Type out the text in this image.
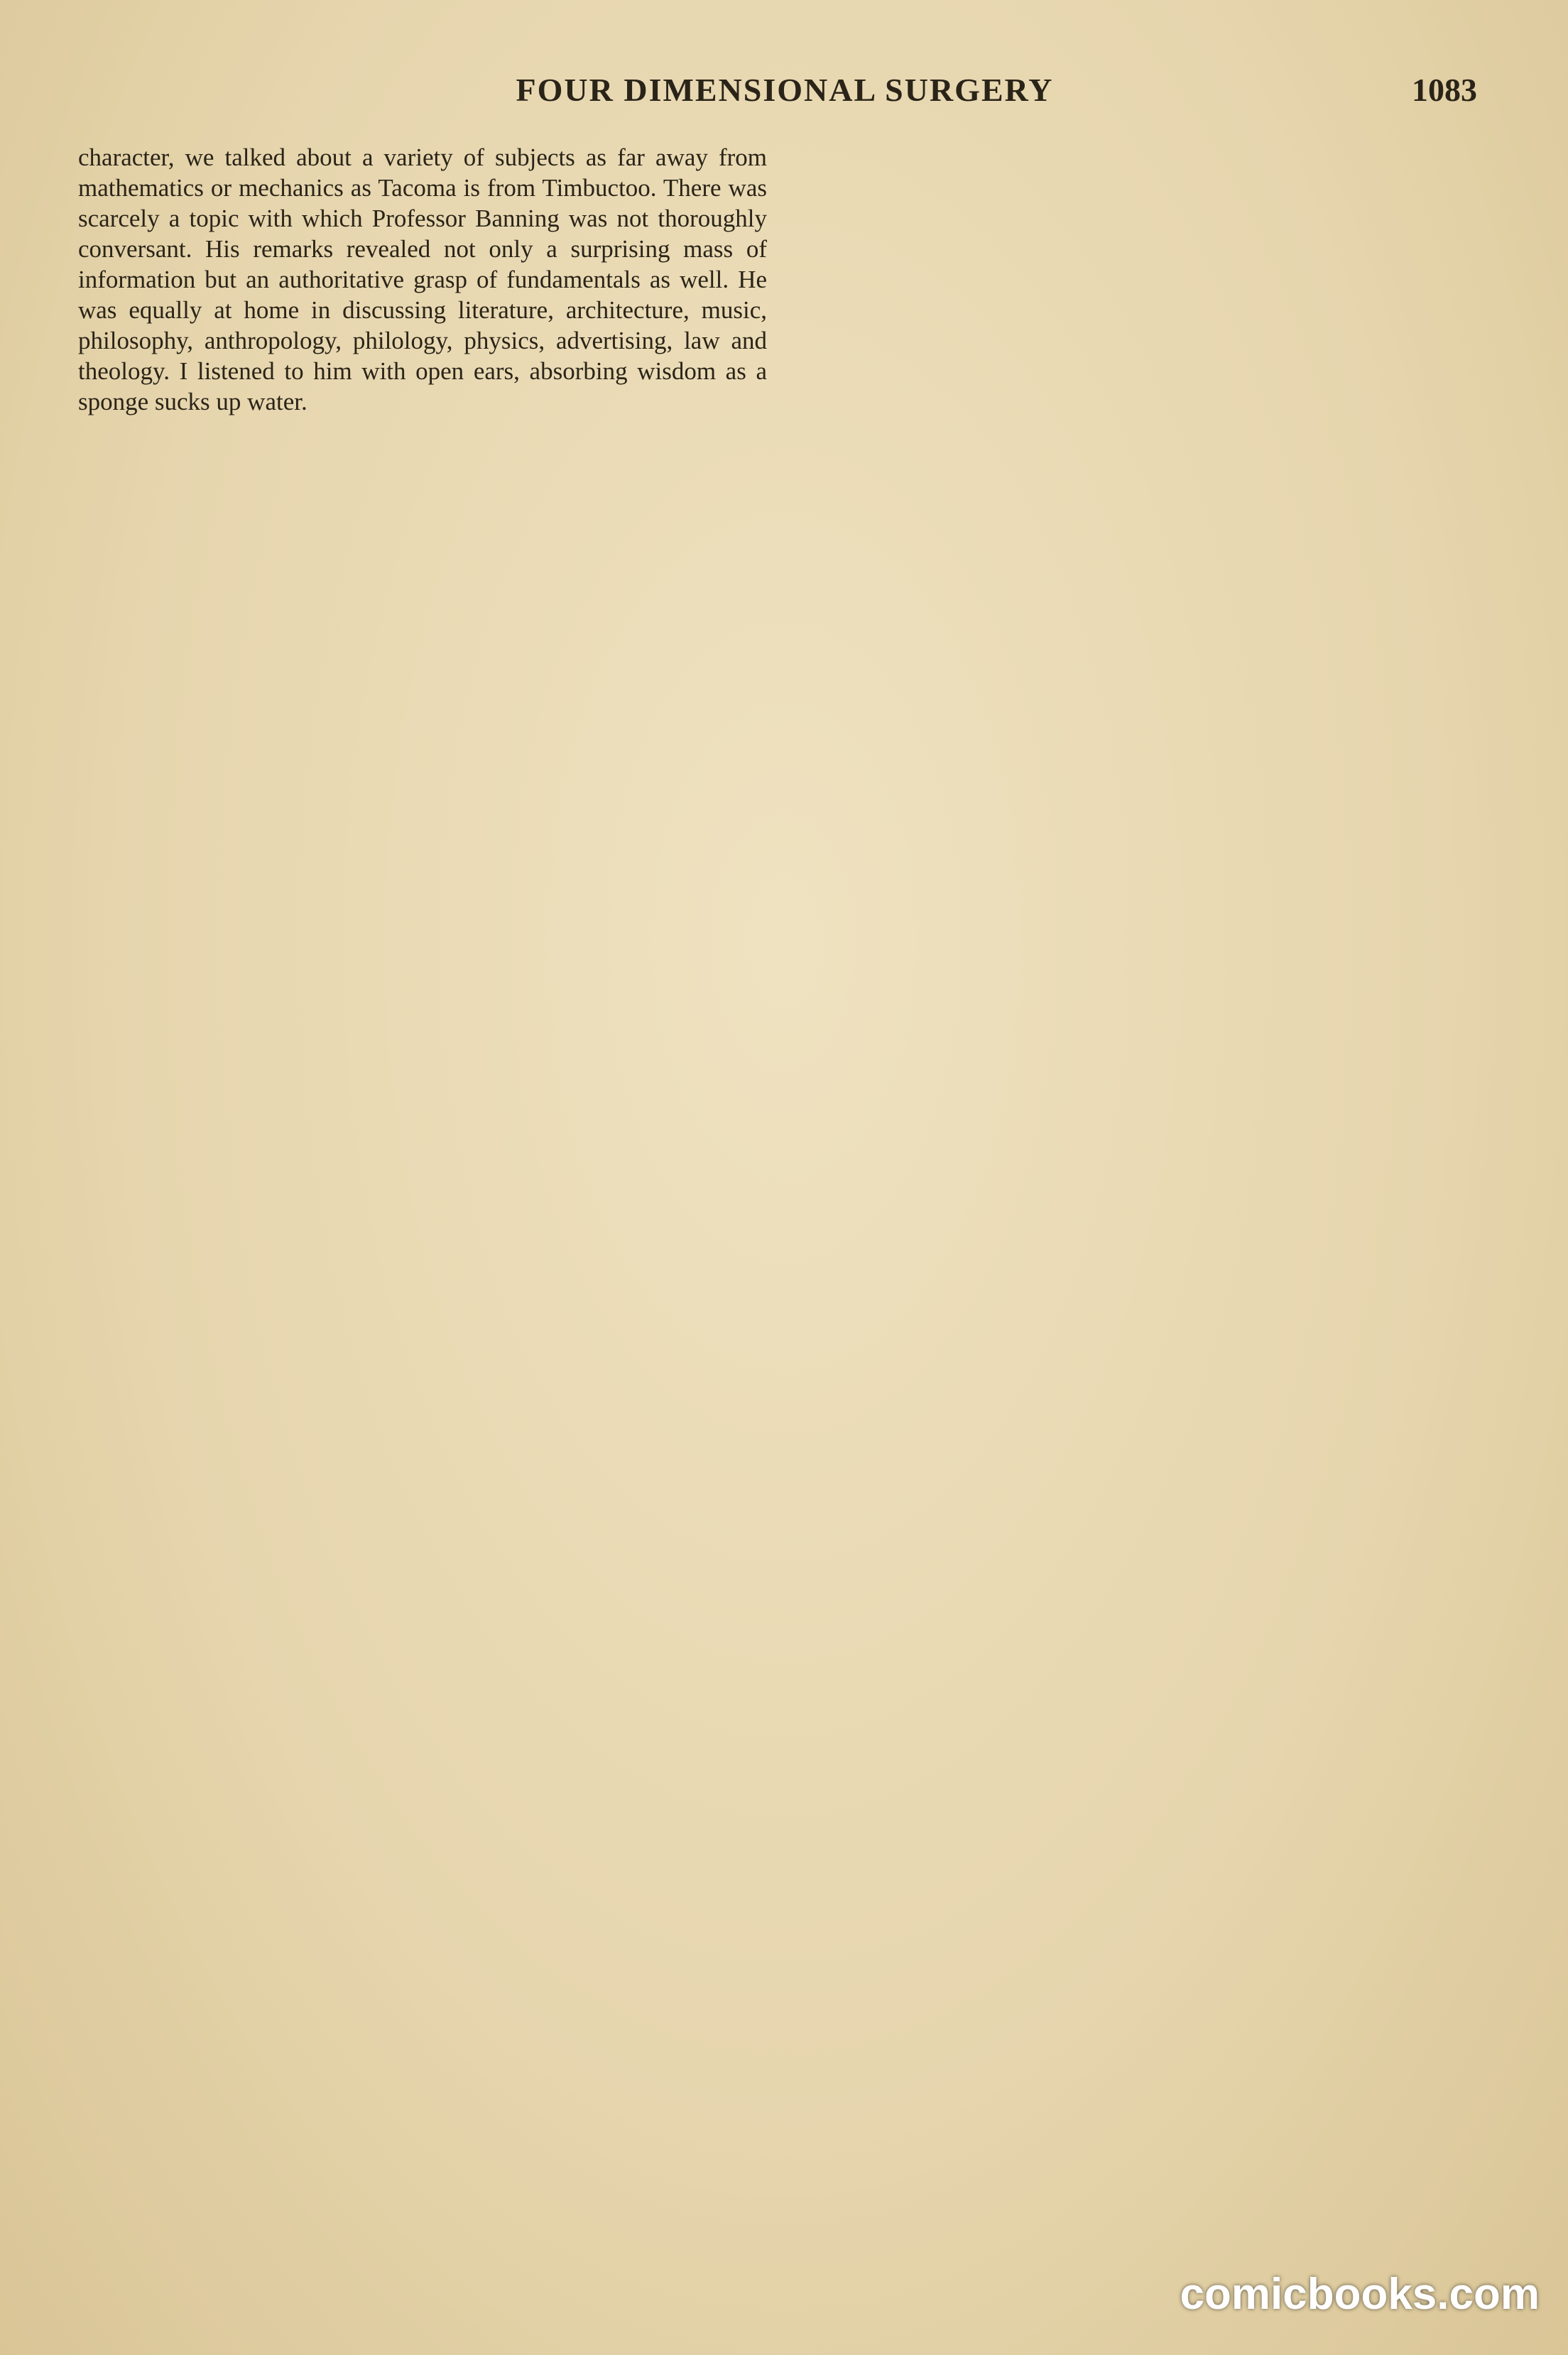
FOUR DIMENSIONAL SURGERY	1083

character, we talked about a variety of subjects as far away from mathematics or mechanics as Tacoma is from Timbuctoo. There was scarcely a topic with which Professor Banning was not thoroughly conversant. His remarks revealed not only a surprising mass of information but an authoritative grasp of fundamentals as well. He was equally at home in discussing literature, architecture, music, philosophy, anthropology, philology, physics, advertising, law and theology. I listened to him with open ears, absorbing wisdom as a sponge sucks up water.

comicbooks.com
